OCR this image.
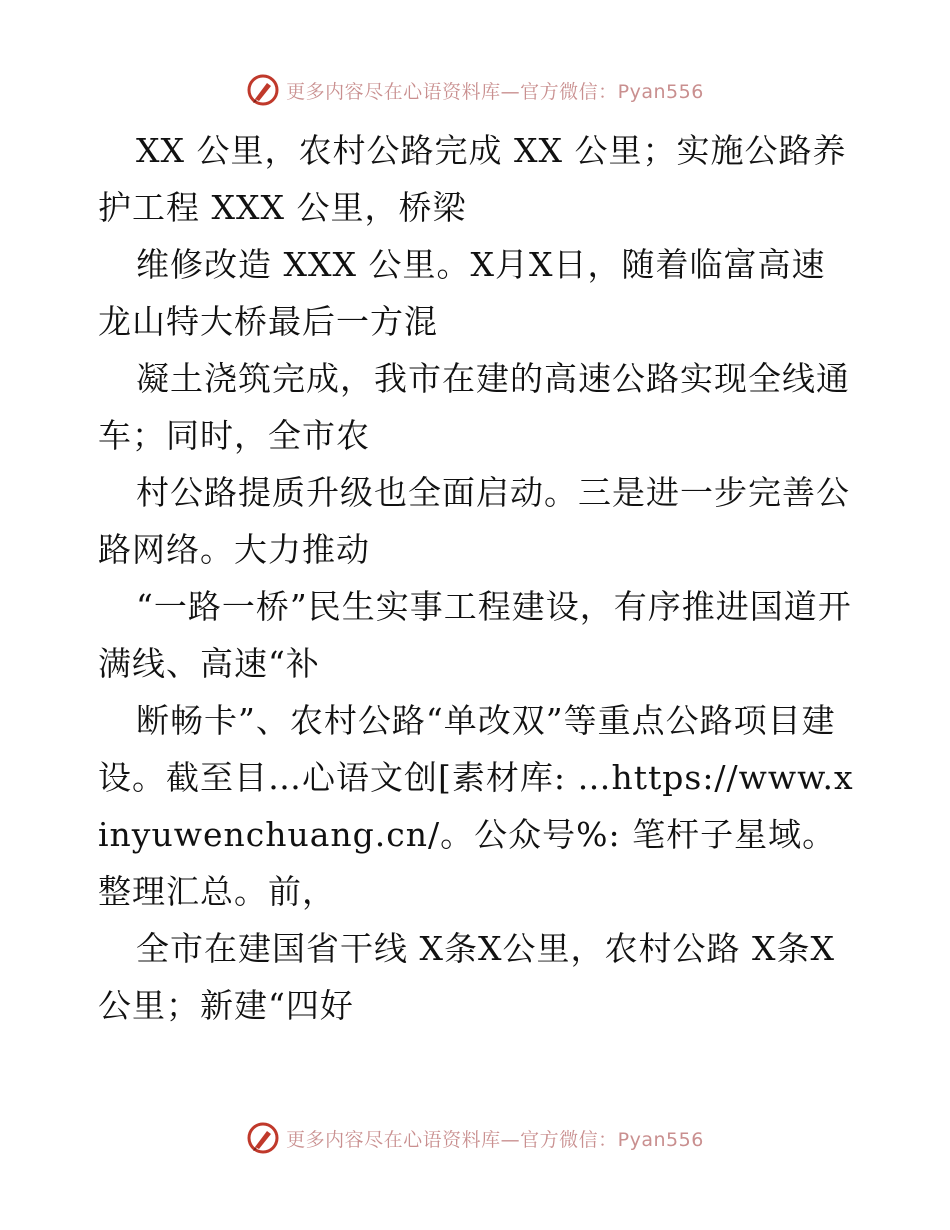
更多内容尽在心语资料库—官方微信：Pyan556

XX 公里，农村公路完成 XX 公里；实施公路养护工程 XXX 公里，桥梁

维修改造 XXX 公里。X月X日，随着临富高速龙山特大桥最后一方混

凝土浇筑完成，我市在建的高速公路实现全线通车；同时，全市农

村公路提质升级也全面启动。三是进一步完善公路网络。大力推动

“一路一桥”民生实事工程建设，有序推进国道开满线、高速“补

断畅卡”、农村公路“单改双”等重点公路项目建设。截至目…心语文创[素材库: …https://www.xinyuwenchuang.cn/。公众号%: 笔杆子星域。整理汇总。前，

全市在建国省干线 X条X公里，农村公路 X条X公里；新建“四好

更多内容尽在心语资料库—官方微信：Pyan556
